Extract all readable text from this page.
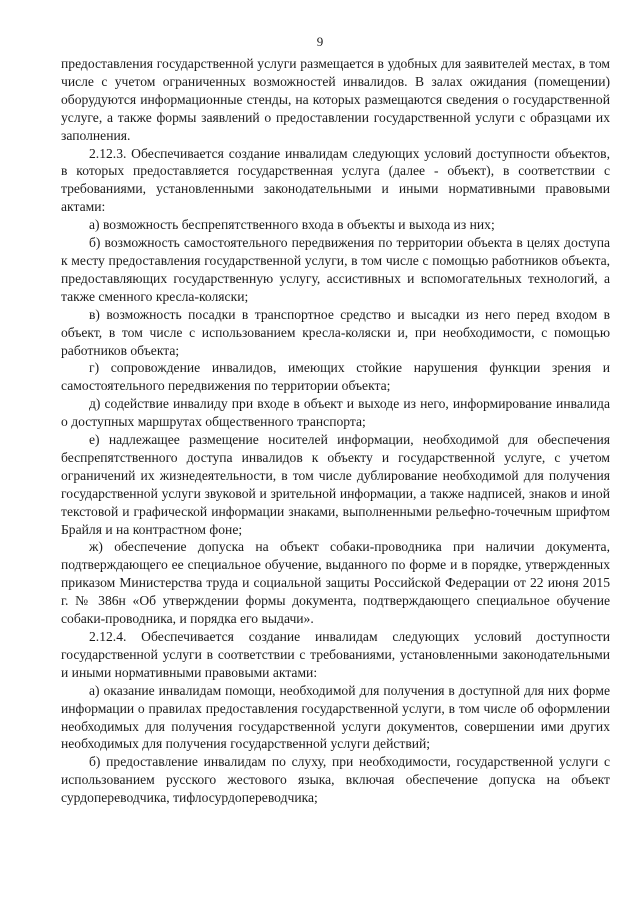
9

предоставления государственной услуги размещается в удобных для заявителей местах, в том числе с учетом ограниченных возможностей инвалидов. В залах ожидания (помещении) оборудуются информационные стенды, на которых размещаются сведения о государственной услуге, а также формы заявлений о предоставлении государственной услуги с образцами их заполнения.

2.12.3. Обеспечивается создание инвалидам следующих условий доступности объектов, в которых предоставляется государственная услуга (далее - объект), в соответствии с требованиями, установленными законодательными и иными нормативными правовыми актами:

а) возможность беспрепятственного входа в объекты и выхода из них;

б) возможность самостоятельного передвижения по территории объекта в целях доступа к месту предоставления государственной услуги, в том числе с помощью работников объекта, предоставляющих государственную услугу, ассистивных и вспомогательных технологий, а также сменного кресла-коляски;

в) возможность посадки в транспортное средство и высадки из него перед входом в объект, в том числе с использованием кресла-коляски и, при необходимости, с помощью работников объекта;

г) сопровождение инвалидов, имеющих стойкие нарушения функции зрения и самостоятельного передвижения по территории объекта;

д) содействие инвалиду при входе в объект и выходе из него, информирование инвалида о доступных маршрутах общественного транспорта;

е) надлежащее размещение носителей информации, необходимой для обеспечения беспрепятственного доступа инвалидов к объекту и государственной услуге, с учетом ограничений их жизнедеятельности, в том числе дублирование необходимой для получения государственной услуги звуковой и зрительной информации, а также надписей, знаков и иной текстовой и графической информации знаками, выполненными рельефно-точечным шрифтом Брайля и на контрастном фоне;

ж) обеспечение допуска на объект собаки-проводника при наличии документа, подтверждающего ее специальное обучение, выданного по форме и в порядке, утвержденных приказом Министерства труда и социальной защиты Российской Федерации от 22 июня 2015 г. № 386н «Об утверждении формы документа, подтверждающего специальное обучение собаки-проводника, и порядка его выдачи».

2.12.4. Обеспечивается создание инвалидам следующих условий доступности государственной услуги в соответствии с требованиями, установленными законодательными и иными нормативными правовыми актами:

а) оказание инвалидам помощи, необходимой для получения в доступной для них форме информации о правилах предоставления государственной услуги, в том числе об оформлении необходимых для получения государственной услуги документов, совершении ими других необходимых для получения государственной услуги действий;

б) предоставление инвалидам по слуху, при необходимости, государственной услуги с использованием русского жестового языка, включая обеспечение допуска на объект сурдопереводчика, тифлосурдопереводчика;
